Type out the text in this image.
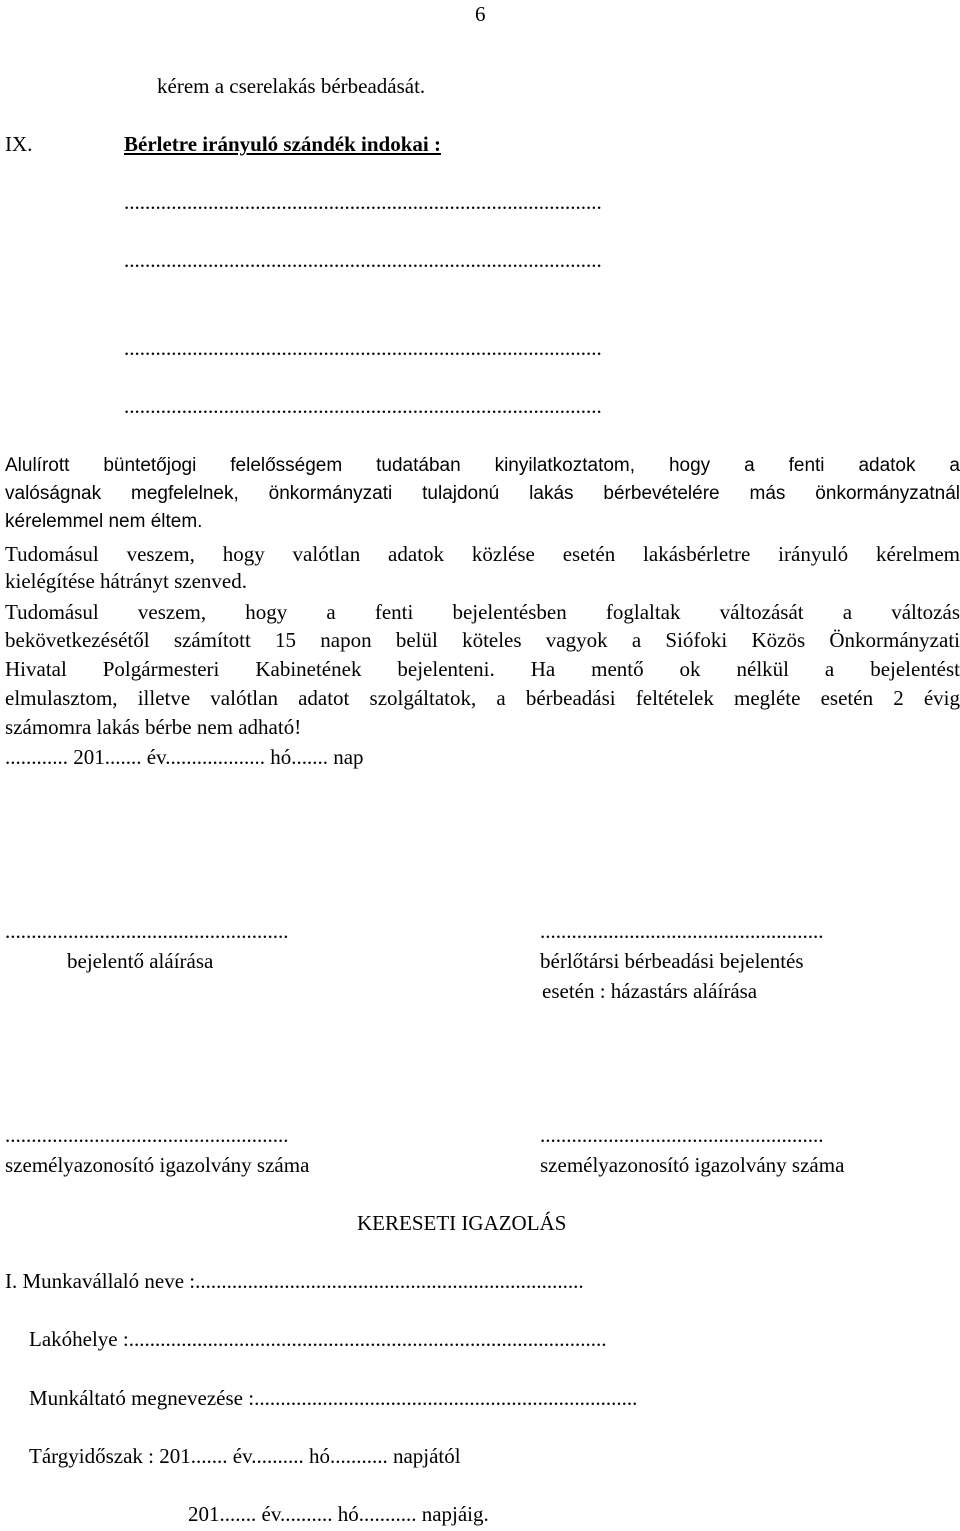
6
kérem a cserelakás bérbeadását.
IX.	Bérletre irányuló szándék indokai :
...........................................................................................
...........................................................................................
...........................................................................................
...........................................................................................
Alulírott büntetőjogi felelősségem tudatában kinyilatkoztatom, hogy a fenti adatok a
valóságnak megfelelnek, önkormányzati tulajdonú lakás bérbevételére más önkormányzatnál
kérelemmel nem éltem.
Tudomásul veszem, hogy valótlan adatok közlése esetén lakásbérletre irányuló kérelmem
kielégítése hátrányt szenved.
Tudomásul veszem, hogy a fenti bejelentésben foglaltak változását a változás
bekövetkezésétől számított 15 napon belül köteles vagyok a Siófoki Közös Önkormányzati
Hivatal Polgármesteri Kabinetének bejelenteni. Ha mentő ok nélkül a bejelentést
elmulasztom, illetve valótlan adatot szolgáltatok, a bérbeadási feltételek megléte esetén 2 évig
számomra lakás bérbe nem adható!
............ 201....... év................... hó....... nap
......................................................
bejelentő aláírása
......................................................
bérlőtársi bérbeadási bejelentés
esetén : házastárs aláírása
......................................................
személyazonosító igazolvány száma
......................................................
személyazonosító igazolvány száma
KERESETI IGAZOLÁS
I. Munkavállaló neve :..........................................................................
Lakóhelye :...........................................................................................
Munkáltató megnevezése :.........................................................................
Tárgyidőszak : 201....... év.......... hó........... napjától
201....... év.......... hó........... napjáig.
